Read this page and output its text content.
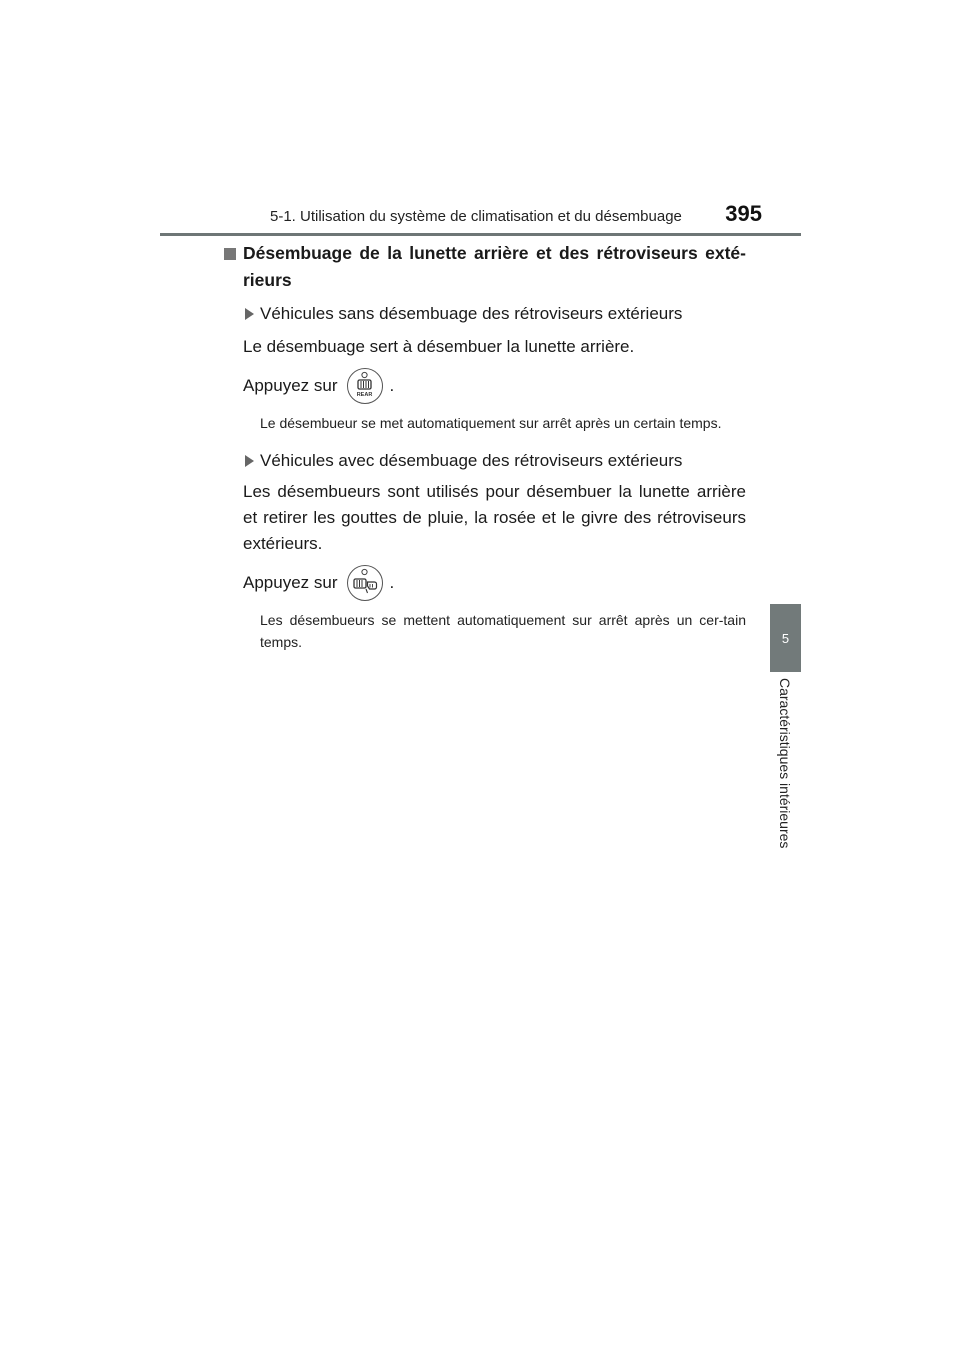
5-1. Utilisation du système de climatisation et du désembuage 395
5
Caractéristiques intérieures

Désembuage de la lunette arrière et des rétroviseurs exté-rieurs

Véhicules sans désembuage des rétroviseurs extérieurs

Le désembuage sert à désembuer la lunette arrière.

Appuyez sur	REAR .

Le désembueur se met automatiquement sur arrêt après un certain temps.

Véhicules avec désembuage des rétroviseurs extérieurs

Les désembueurs sont utilisés pour désembuer la lunette arrière et retirer les gouttes de pluie, la rosée et le givre des rétroviseurs extérieurs.

Appuyez sur	.

Les désembueurs se mettent automatiquement sur arrêt après un cer-tain temps.
